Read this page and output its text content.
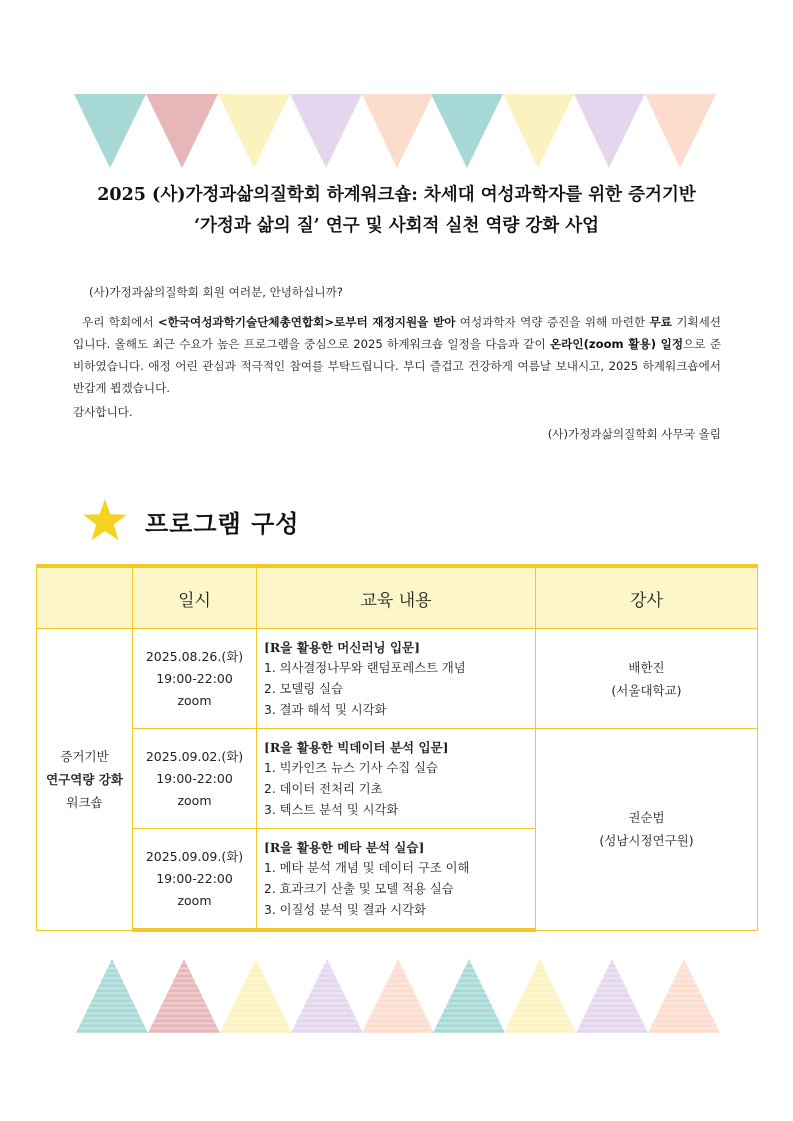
2025 (사)가정과삶의질학회 하계워크숍: 차세대 여성과학자를 위한 증거기반
‘가정과 삶의 질’ 연구 및 사회적 실천 역량 강화 사업
(사)가정과삶의질학회 회원 여러분, 안녕하십니까?

우리 학회에서 <한국여성과학기술단체총연합회>로부터 재정지원을 받아 여성과학자 역량 증진을 위해 마련한 무료 기획세션입니다. 올해도 최근 수요가 높은 프로그램을 중심으로 2025 하계워크숍 일정을 다음과 같이 온라인(zoom 활용) 일정으로 준비하였습니다. 애정 어린 관심과 적극적인 참여를 부탁드립니다. 부디 즐겁고 건강하게 여름날 보내시고, 2025 하계워크숍에서 반갑게 뵙겠습니다.

감사합니다.
(사)가정과삶의질학회 사무국 올림
프로그램 구성
	일시	교육 내용	강사

증거기반
연구역량 강화
워크숍	2025.08.26.(화)
19:00-22:00
zoom	[R을 활용한 머신러닝 입문]
1. 의사결정나무와 랜덤포레스트 개념
2. 모델링 실습
3. 결과 해석 및 시각화	배한진
(서울대학교)

	2025.09.02.(화)
19:00-22:00
zoom	[R을 활용한 빅데이터 분석 입문]
1. 빅카인즈 뉴스 기사 수집 실습
2. 데이터 전처리 기초
3. 텍스트 분석 및 시각화	권순범
(성남시정연구원)

	2025.09.09.(화)
19:00-22:00
zoom	[R을 활용한 메타 분석 실습]
1. 메타 분석 개념 및 데이터 구조 이해
2. 효과크기 산출 및 모델 적용 실습
3. 이질성 분석 및 결과 시각화	
